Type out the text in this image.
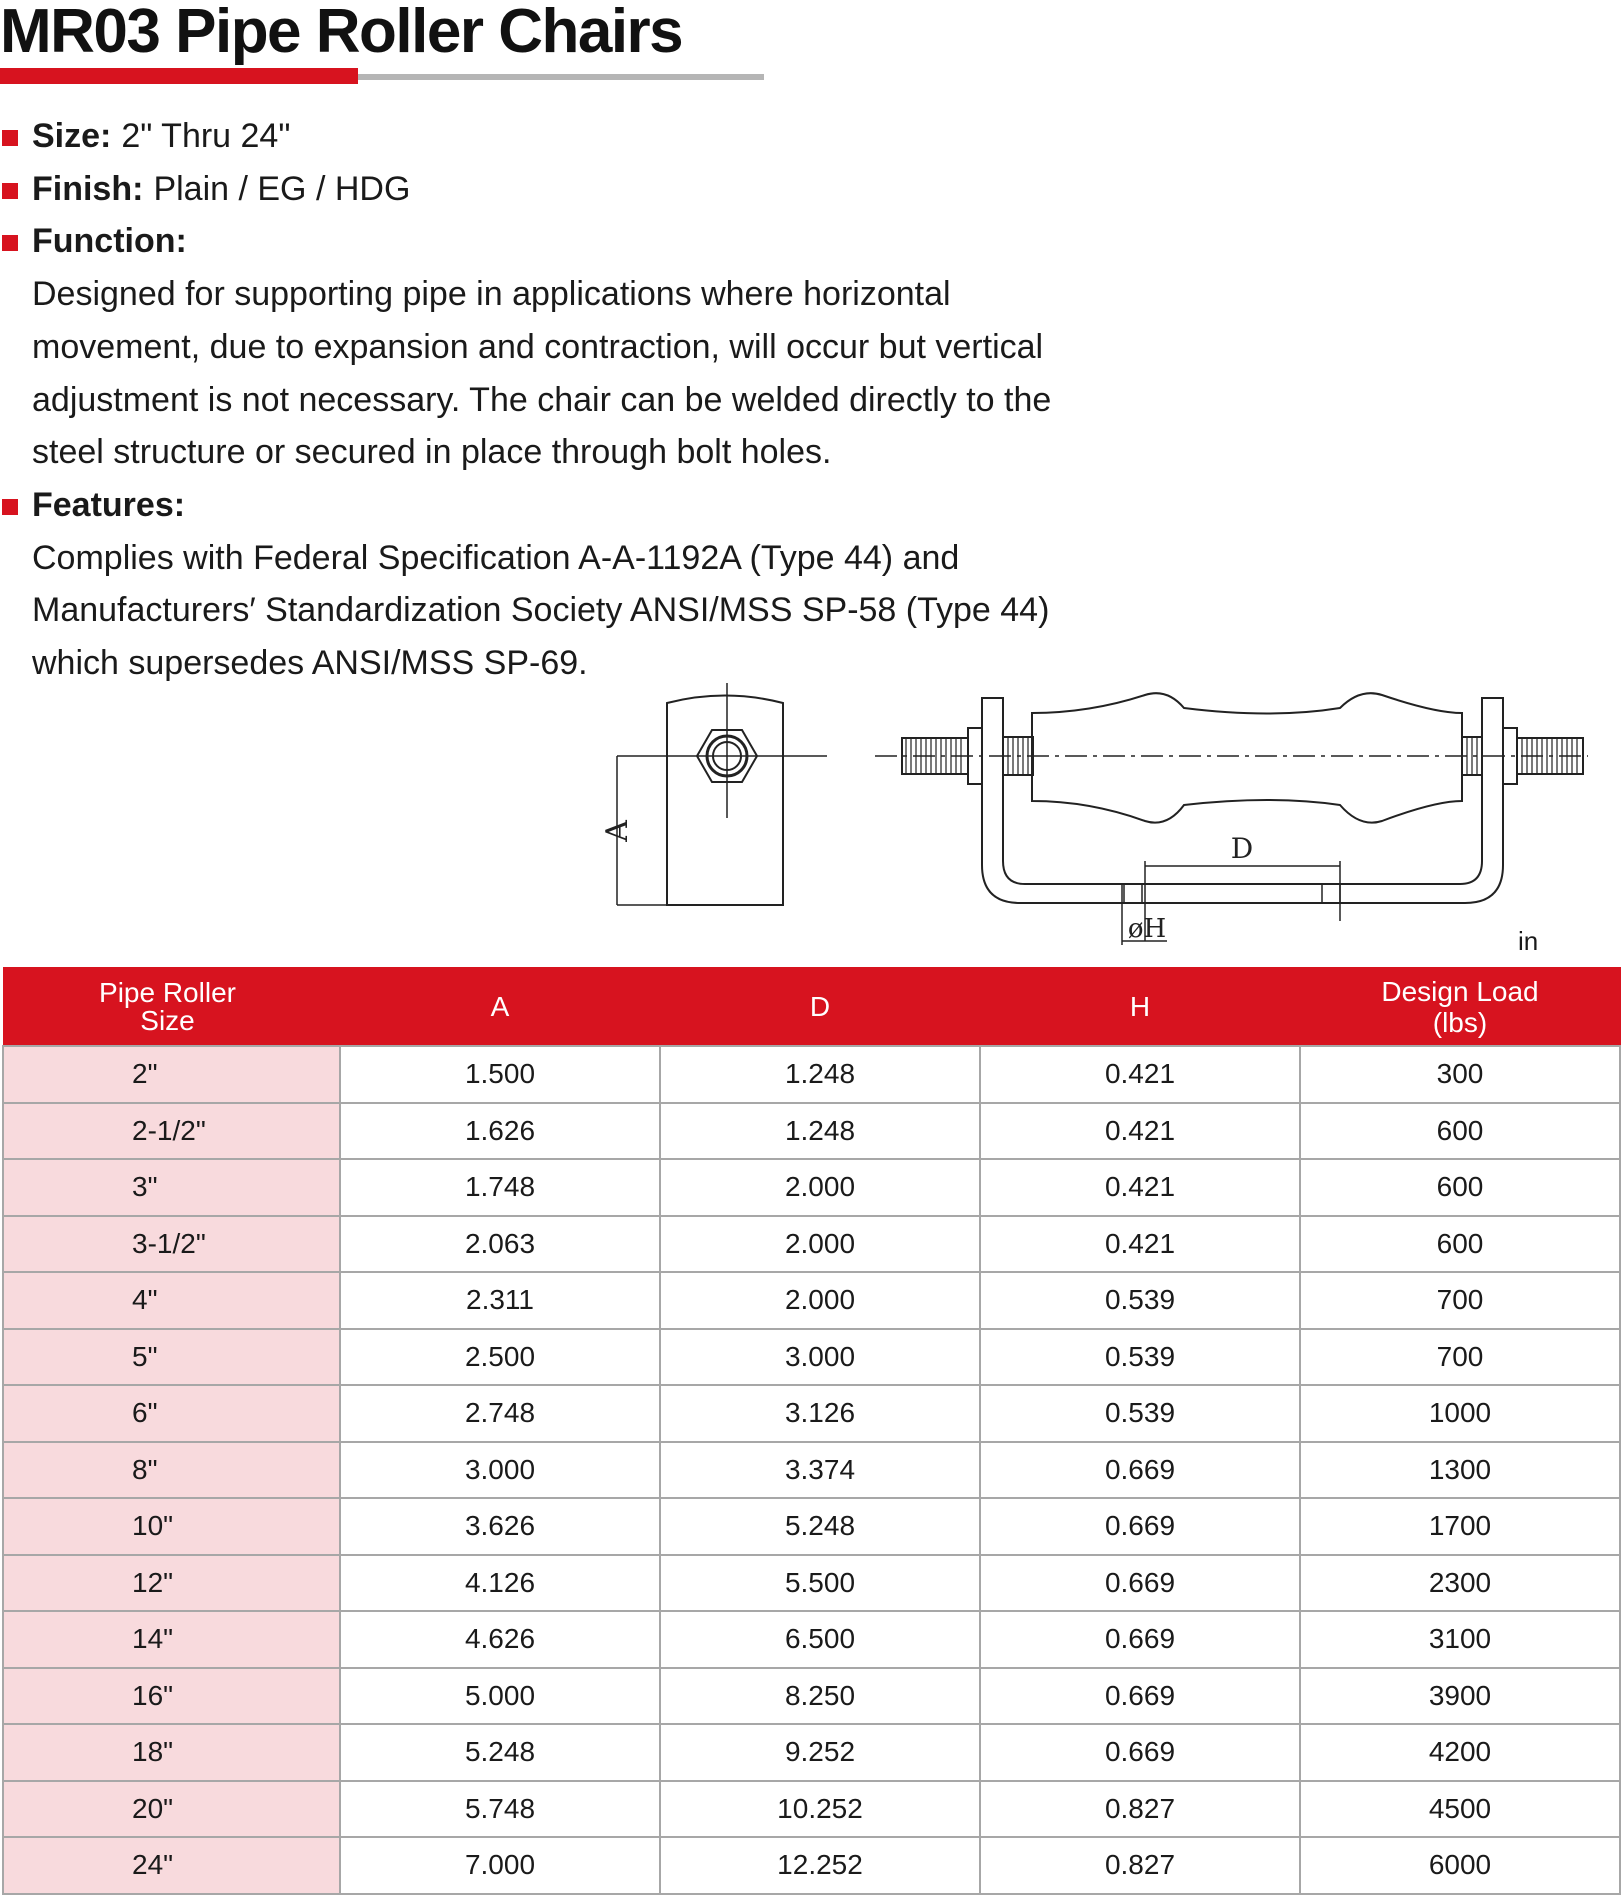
MR03 Pipe Roller Chairs
Size: 2" Thru 24"
Finish: Plain / EG / HDG
Function:
Designed for supporting pipe in applications where horizontal
movement, due to expansion and contraction, will occur but vertical
adjustment is not necessary. The chair can be welded directly to the
steel structure or secured in place through bolt holes.
Features:
Complies with Federal Specification A-A-1192A (Type 44) and
Manufacturers′ Standardization Society ANSI/MSS SP-58 (Type 44)
which supersedes ANSI/MSS SP-69.
A
D
øH	in
Pipe Roller
Size	A	D	H	Design Load
(lbs)

2"	1.500	1.248	0.421	300
2-1/2"	1.626	1.248	0.421	600
3"	1.748	2.000	0.421	600
3-1/2"	2.063	2.000	0.421	600
4"	2.311	2.000	0.539	700
5"	2.500	3.000	0.539	700
6"	2.748	3.126	0.539	1000
8"	3.000	3.374	0.669	1300
10"	3.626	5.248	0.669	1700
12"	4.126	5.500	0.669	2300
14"	4.626	6.500	0.669	3100
16"	5.000	8.250	0.669	3900
18"	5.248	9.252	0.669	4200
20"	5.748	10.252	0.827	4500
24"	7.000	12.252	0.827	6000
